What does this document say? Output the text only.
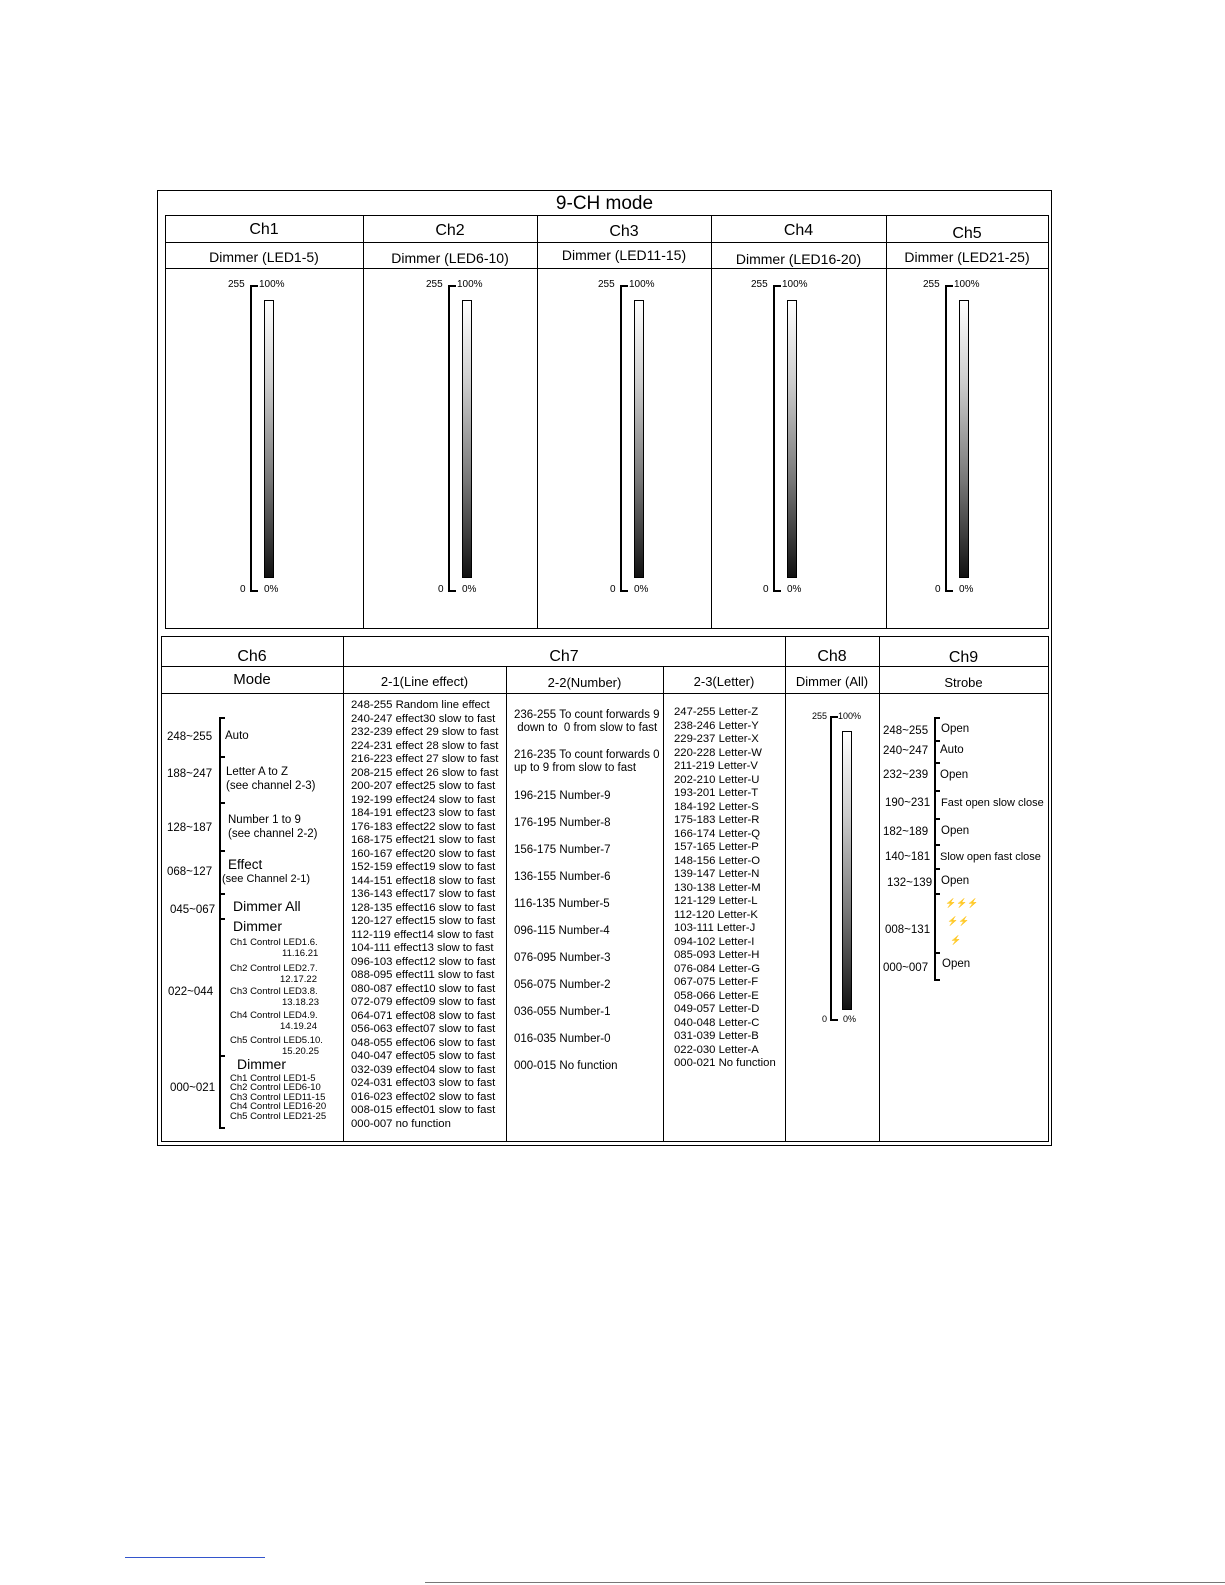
9-CH mode
Ch1
Dimmer (LED1-5)
Ch2
Dimmer (LED6-10)
Ch3
Dimmer (LED11-15)
Ch4
Dimmer (LED16-20)
Ch5
Dimmer (LED21-25)
255 100%
0 0%
255 100%
0 0%
255 100%
0 0%
255 100%
0 0%
255 100%
0 0%
Ch6
Mode
Ch7
2-1(Line effect)	2-2(Number)	2-3(Letter)
Ch8
Dimmer (All)
Ch9
Strobe
248~255
188~247
128~187
068~127
045~067
022~044
000~021
Auto
Letter A to Z
(see channel 2-3)
Number 1 to 9
(see channel 2-2)
Effect
(see Channel 2-1)
Dimmer All
Dimmer
Ch1 Control LED1.6.
11.16.21
Ch2 Control LED2.7.
12.17.22
Ch3 Control LED3.8.
13.18.23
Ch4 Control LED4.9.
14.19.24
Ch5 Control LED5.10.
15.20.25
Dimmer
Ch1 Control LED1-5
Ch2 Control LED6-10
Ch3 Control LED11-15
Ch4 Control LED16-20
Ch5 Control LED21-25
248-255 Random line effect
240-247 effect30 slow to fast
232-239 effect 29 slow to fast
224-231 effect 28 slow to fast
216-223 effect 27 slow to fast
208-215 effect 26 slow to fast
200-207 effect25 slow to fast
192-199 effect24 slow to fast
184-191 effect23 slow to fast
176-183 effect22 slow to fast
168-175 effect21 slow to fast
160-167 effect20 slow to fast
152-159 effect19 slow to fast
144-151 effect18 slow to fast
136-143 effect17 slow to fast
128-135 effect16 slow to fast
120-127 effect15 slow to fast
112-119 effect14 slow to fast
104-111 effect13 slow to fast
096-103 effect12 slow to fast
088-095 effect11 slow to fast
080-087 effect10 slow to fast
072-079 effect09 slow to fast
064-071 effect08 slow to fast
056-063 effect07 slow to fast
048-055 effect06 slow to fast
040-047 effect05 slow to fast
032-039 effect04 slow to fast
024-031 effect03 slow to fast
016-023 effect02 slow to fast
008-015 effect01 slow to fast
000-007 no function
236-255 To count forwards 9
down to  0 from slow to fast
216-235 To count forwards 0
up to 9 from slow to fast
196-215 Number-9
176-195 Number-8
156-175 Number-7
136-155 Number-6
116-135 Number-5
096-115 Number-4
076-095 Number-3
056-075 Number-2
036-055 Number-1
016-035 Number-0
000-015 No function
247-255 Letter-Z
238-246 Letter-Y
229-237 Letter-X
220-228 Letter-W
211-219 Letter-V
202-210 Letter-U
193-201 Letter-T
184-192 Letter-S
175-183 Letter-R
166-174 Letter-Q
157-165 Letter-P
148-156 Letter-O
139-147 Letter-N
130-138 Letter-M
121-129 Letter-L
112-120 Letter-K
103-111 Letter-J
094-102 Letter-I
085-093 Letter-H
076-084 Letter-G
067-075 Letter-F
058-066 Letter-E
049-057 Letter-D
040-048 Letter-C
031-039 Letter-B
022-030 Letter-A
000-021 No function
255 100%
0 0%
248~255 Open
240~247 Auto
232~239 Open
190~231 Fast open slow close
182~189 Open
140~181 Slow open fast close
132~139 Open
⚡⚡⚡
⚡⚡
008~131
⚡
000~007 Open
